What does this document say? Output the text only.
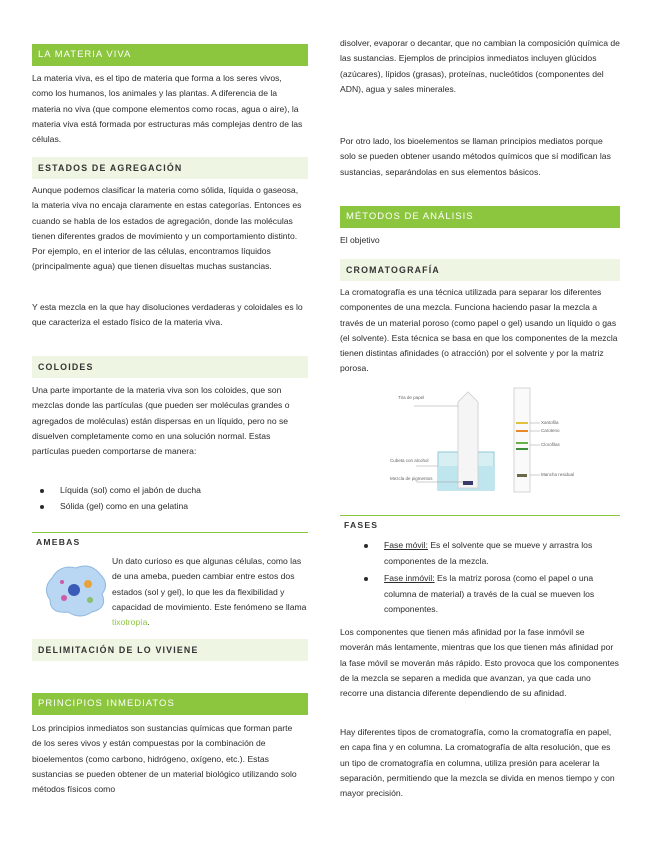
LA MATERIA VIVA

La materia viva, es el tipo de materia que forma a los seres vivos, como los humanos, los animales y las plantas. A diferencia de la materia no viva (que compone elementos como rocas, agua o aire), la materia viva está formada por estructuras más complejas dentro de las células.

ESTADOS DE AGREGACIÓN

Aunque podemos clasificar la materia como sólida, líquida o gaseosa, la materia viva no encaja claramente en estas categorías. Entonces es cuando se habla de los estados de agregación, donde las moléculas tienen diferentes grados de movimiento y un comportamiento distinto. Por ejemplo, en el interior de las células, encontramos líquidos (principalmente agua) que tienen disueltas muchas sustancias.

Y esta mezcla en la que hay disoluciones verdaderas y coloidales es lo que caracteriza el estado físico de la materia viva.

COLOIDES

Una parte importante de la materia viva son los coloides, que son mezclas donde las partículas (que pueden ser moléculas grandes o agregados de moléculas) están dispersas en un líquido, pero no se disuelven completamente como en una solución normal. Estas partículas pueden comportarse de manera:

Líquida (sol) como el jabón de ducha
Sólida (gel) como en una gelatina
AMEBAS

Un dato curioso es que algunas células, como las de una ameba, pueden cambiar entre estos dos estados (sol y gel), lo que les da flexibilidad y capacidad de movimiento. Este fenómeno se llama tixotropía.

DELIMITACIÓN DE LO VIVIENE
PRINCIPIOS INMEDIATOS

Los principios inmediatos son sustancias químicas que forman parte de los seres vivos y están compuestas por la combinación de bioelementos (como carbono, hidrógeno, oxígeno, etc.). Estas sustancias se pueden obtener de un material biológico utilizando solo métodos físicos como

disolver, evaporar o decantar, que no cambian la composición química de las sustancias. Ejemplos de principios inmediatos incluyen glúcidos (azúcares), lípidos (grasas), proteínas, nucleótidos (componentes del ADN), agua y sales minerales.

Por otro lado, los bioelementos se llaman principios mediatos porque solo se pueden obtener usando métodos químicos que sí modifican las sustancias, separándolas en sus elementos básicos.

MÉTODOS DE ANÁLISIS

El objetivo

CROMATOGRAFÍA

La cromatografía es una técnica utilizada para separar los diferentes componentes de una mezcla. Funciona haciendo pasar la mezcla a través de un material poroso (como papel o gel) usando un líquido o gas (el solvente). Esta técnica se basa en que los componentes de la mezcla tienen distintas afinidades (o atracción) por el solvente y por la matriz porosa.

Tira de papel
Cubeta con alcohol
Mezcla de pigmentos
Xantofila
Caroteno
Clorofilas
Mancha residual
FASES
Fase móvil: Es el solvente que se mueve y arrastra los componentes de la mezcla.
Fase inmóvil: Es la matriz porosa (como el papel o una columna de material) a través de la cual se mueven los componentes.

Los componentes que tienen más afinidad por la fase inmóvil se moverán más lentamente, mientras que los que tienen más afinidad por la fase móvil se moverán más rápido. Esto provoca que los componentes de la mezcla se separen a medida que avanzan, ya que cada uno recorre una distancia diferente dependiendo de su afinidad.

Hay diferentes tipos de cromatografía, como la cromatografía en papel, en capa fina y en columna. La cromatografía de alta resolución, que es un tipo de cromatografía en columna, utiliza presión para acelerar la separación, permitiendo que la mezcla se divida en menos tiempo y con mayor precisión.
